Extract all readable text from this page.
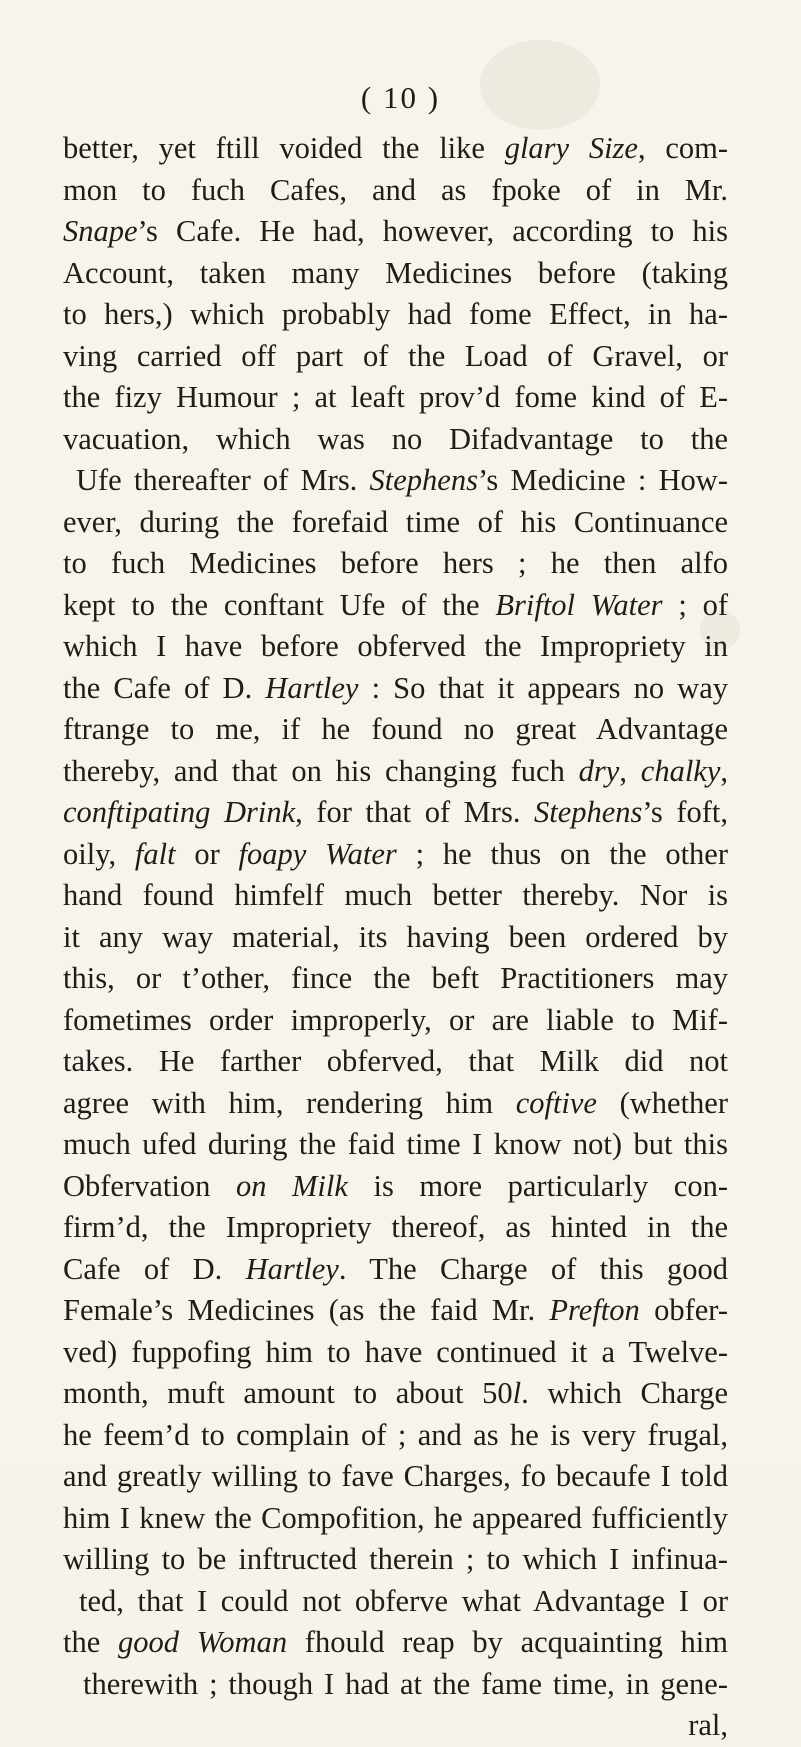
( 10 )
better, yet ftill voided the like glary Size, com-
mon to fuch Cafes, and as fpoke of in Mr.
Snape’s Cafe. He had, however, according to his
Account, taken many Medicines before (taking
to hers,) which probably had fome Effect, in ha-
ving carried off part of the Load of Gravel, or
the fizy Humour ; at leaft prov’d fome kind of E-
vacuation, which was no Difadvantage to the
Ufe thereafter of Mrs. Stephens’s Medicine : How-
ever, during the forefaid time of his Continuance
to fuch Medicines before hers ; he then alfo
kept to the conftant Ufe of the Briftol Water ; of
which I have before obferved the Impropriety in
the Cafe of D. Hartley : So that it appears no way
ftrange to me, if he found no great Advantage
thereby, and that on his changing fuch dry, chalky,
conftipating Drink, for that of Mrs. Stephens’s foft,
oily, falt or foapy Water ; he thus on the other
hand found himfelf much better thereby. Nor is
it any way material, its having been ordered by
this, or t’other, fince the beft Practitioners may
fometimes order improperly, or are liable to Mif-
takes. He farther obferved, that Milk did not
agree with him, rendering him coftive (whether
much ufed during the faid time I know not) but this
Obfervation on Milk is more particularly con-
firm’d, the Impropriety thereof, as hinted in the
Cafe of D. Hartley. The Charge of this good
Female’s Medicines (as the faid Mr. Prefton obfer-
ved) fuppofing him to have continued it a Twelve-
month, muft amount to about 50l. which Charge
he feem’d to complain of ; and as he is very frugal,
and greatly willing to fave Charges, fo becaufe I told
him I knew the Compofition, he appeared fufficiently
willing to be inftructed therein ; to which I infinua-
ted, that I could not obferve what Advantage I or
the good Woman fhould reap by acquainting him
therewith ; though I had at the fame time, in gene-
ral,
